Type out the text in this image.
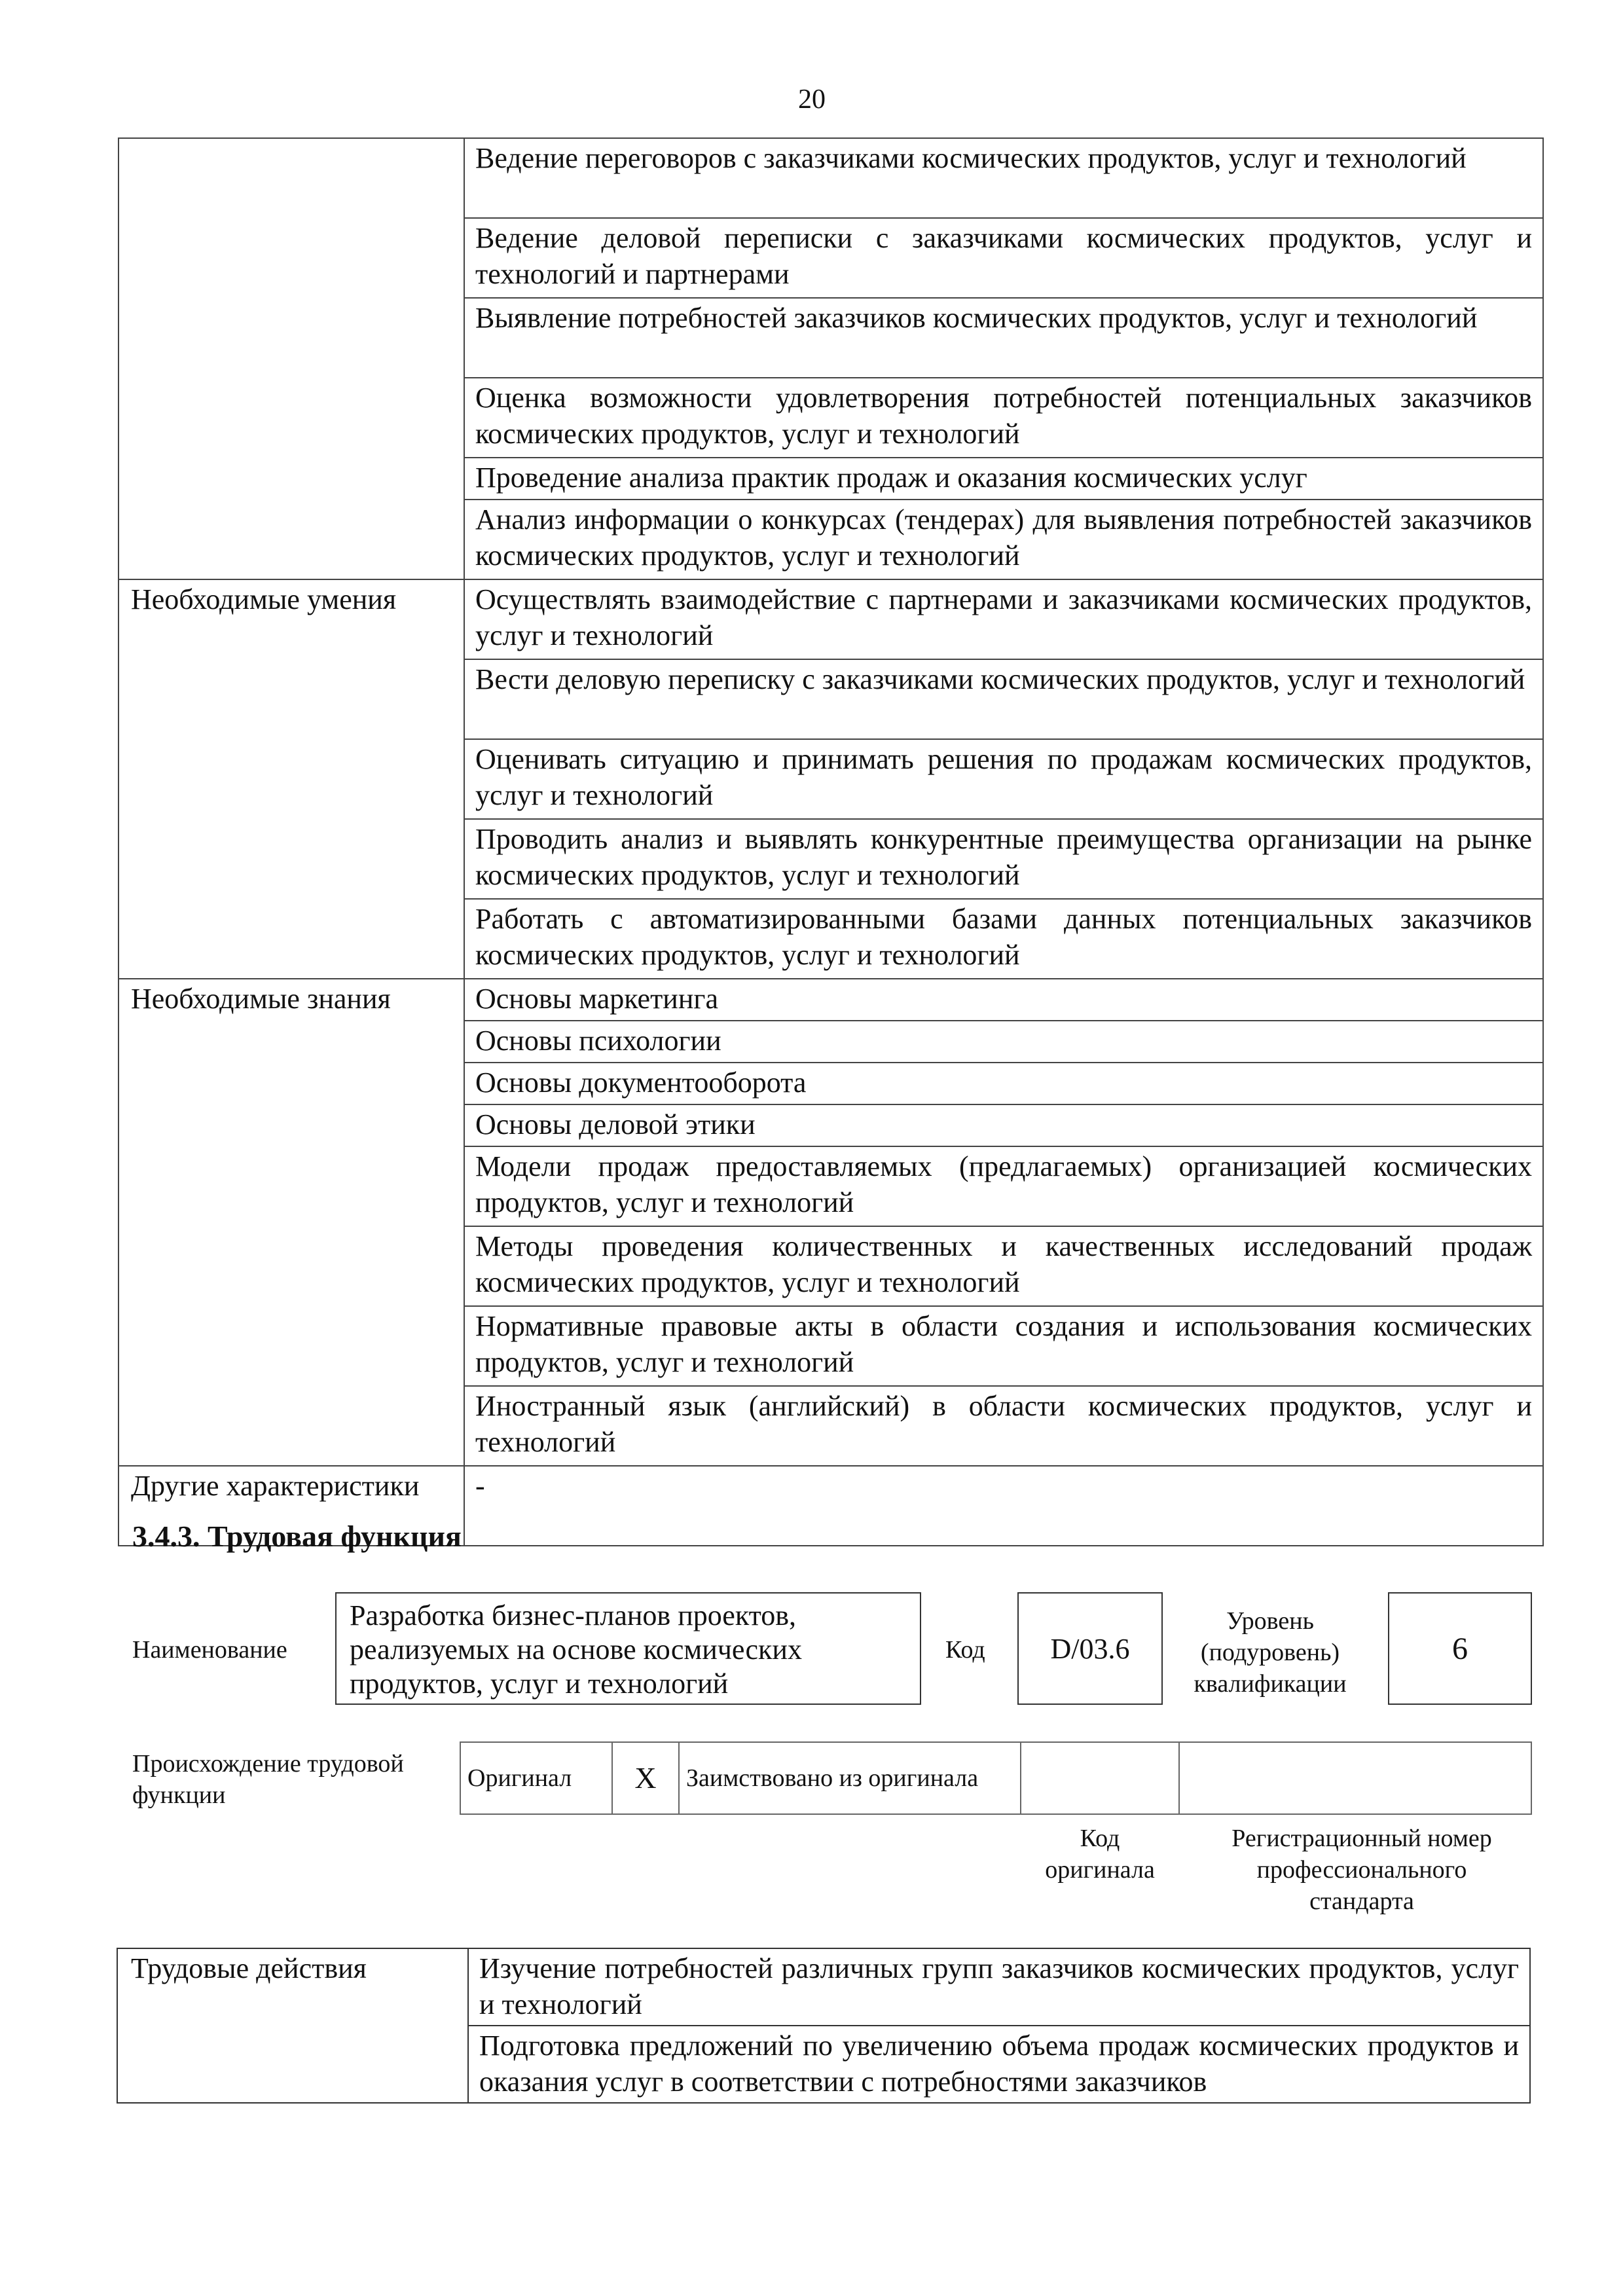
20
	Ведение переговоров с заказчиками космических продуктов, услуг и технологий
	Ведение деловой переписки с заказчиками космических продуктов, услуг и технологий и партнерами
	Выявление потребностей заказчиков космических продуктов, услуг и технологий
	Оценка возможности удовлетворения потребностей потенциальных заказчиков космических продуктов, услуг и технологий
	Проведение анализа практик продаж и оказания космических услуг
	Анализ информации о конкурсах (тендерах) для выявления потребностей заказчиков космических продуктов, услуг и технологий
Необходимые умения	Осуществлять взаимодействие с партнерами и заказчиками космических продуктов, услуг и технологий
	Вести деловую переписку с заказчиками космических продуктов, услуг и технологий
	Оценивать ситуацию и принимать решения по продажам космических продуктов, услуг и технологий
	Проводить анализ и выявлять конкурентные преимущества организации на рынке космических продуктов, услуг и технологий
	Работать с автоматизированными базами данных потенциальных заказчиков космических продуктов, услуг и технологий
Необходимые знания	Основы маркетинга
	Основы психологии
	Основы документооборота
	Основы деловой этики
	Модели продаж предоставляемых (предлагаемых) организацией космических продуктов, услуг и технологий
	Методы проведения количественных и качественных исследований продаж космических продуктов, услуг и технологий
	Нормативные правовые акты в области создания и использования космических продуктов, услуг и технологий
	Иностранный язык (английский) в области космических продуктов, услуг и технологий
Другие характеристики	-
3.4.3. Трудовая функция
Наименование
Разработка бизнес-планов проектов, реализуемых на основе космических продуктов, услуг и технологий
Код D/03.6
Уровень (подуровень) квалификации
6
Происхождение трудовой функции
Оригинал	X	Заимствовано из оригинала		
Код оригинала
Регистрационный номер профессионального стандарта
Трудовые действия	Изучение потребностей различных групп заказчиков космических продуктов, услуг и технологий
Подготовка предложений по увеличению объема продаж космических продуктов и оказания услуг в соответствии с потребностями заказчиков
